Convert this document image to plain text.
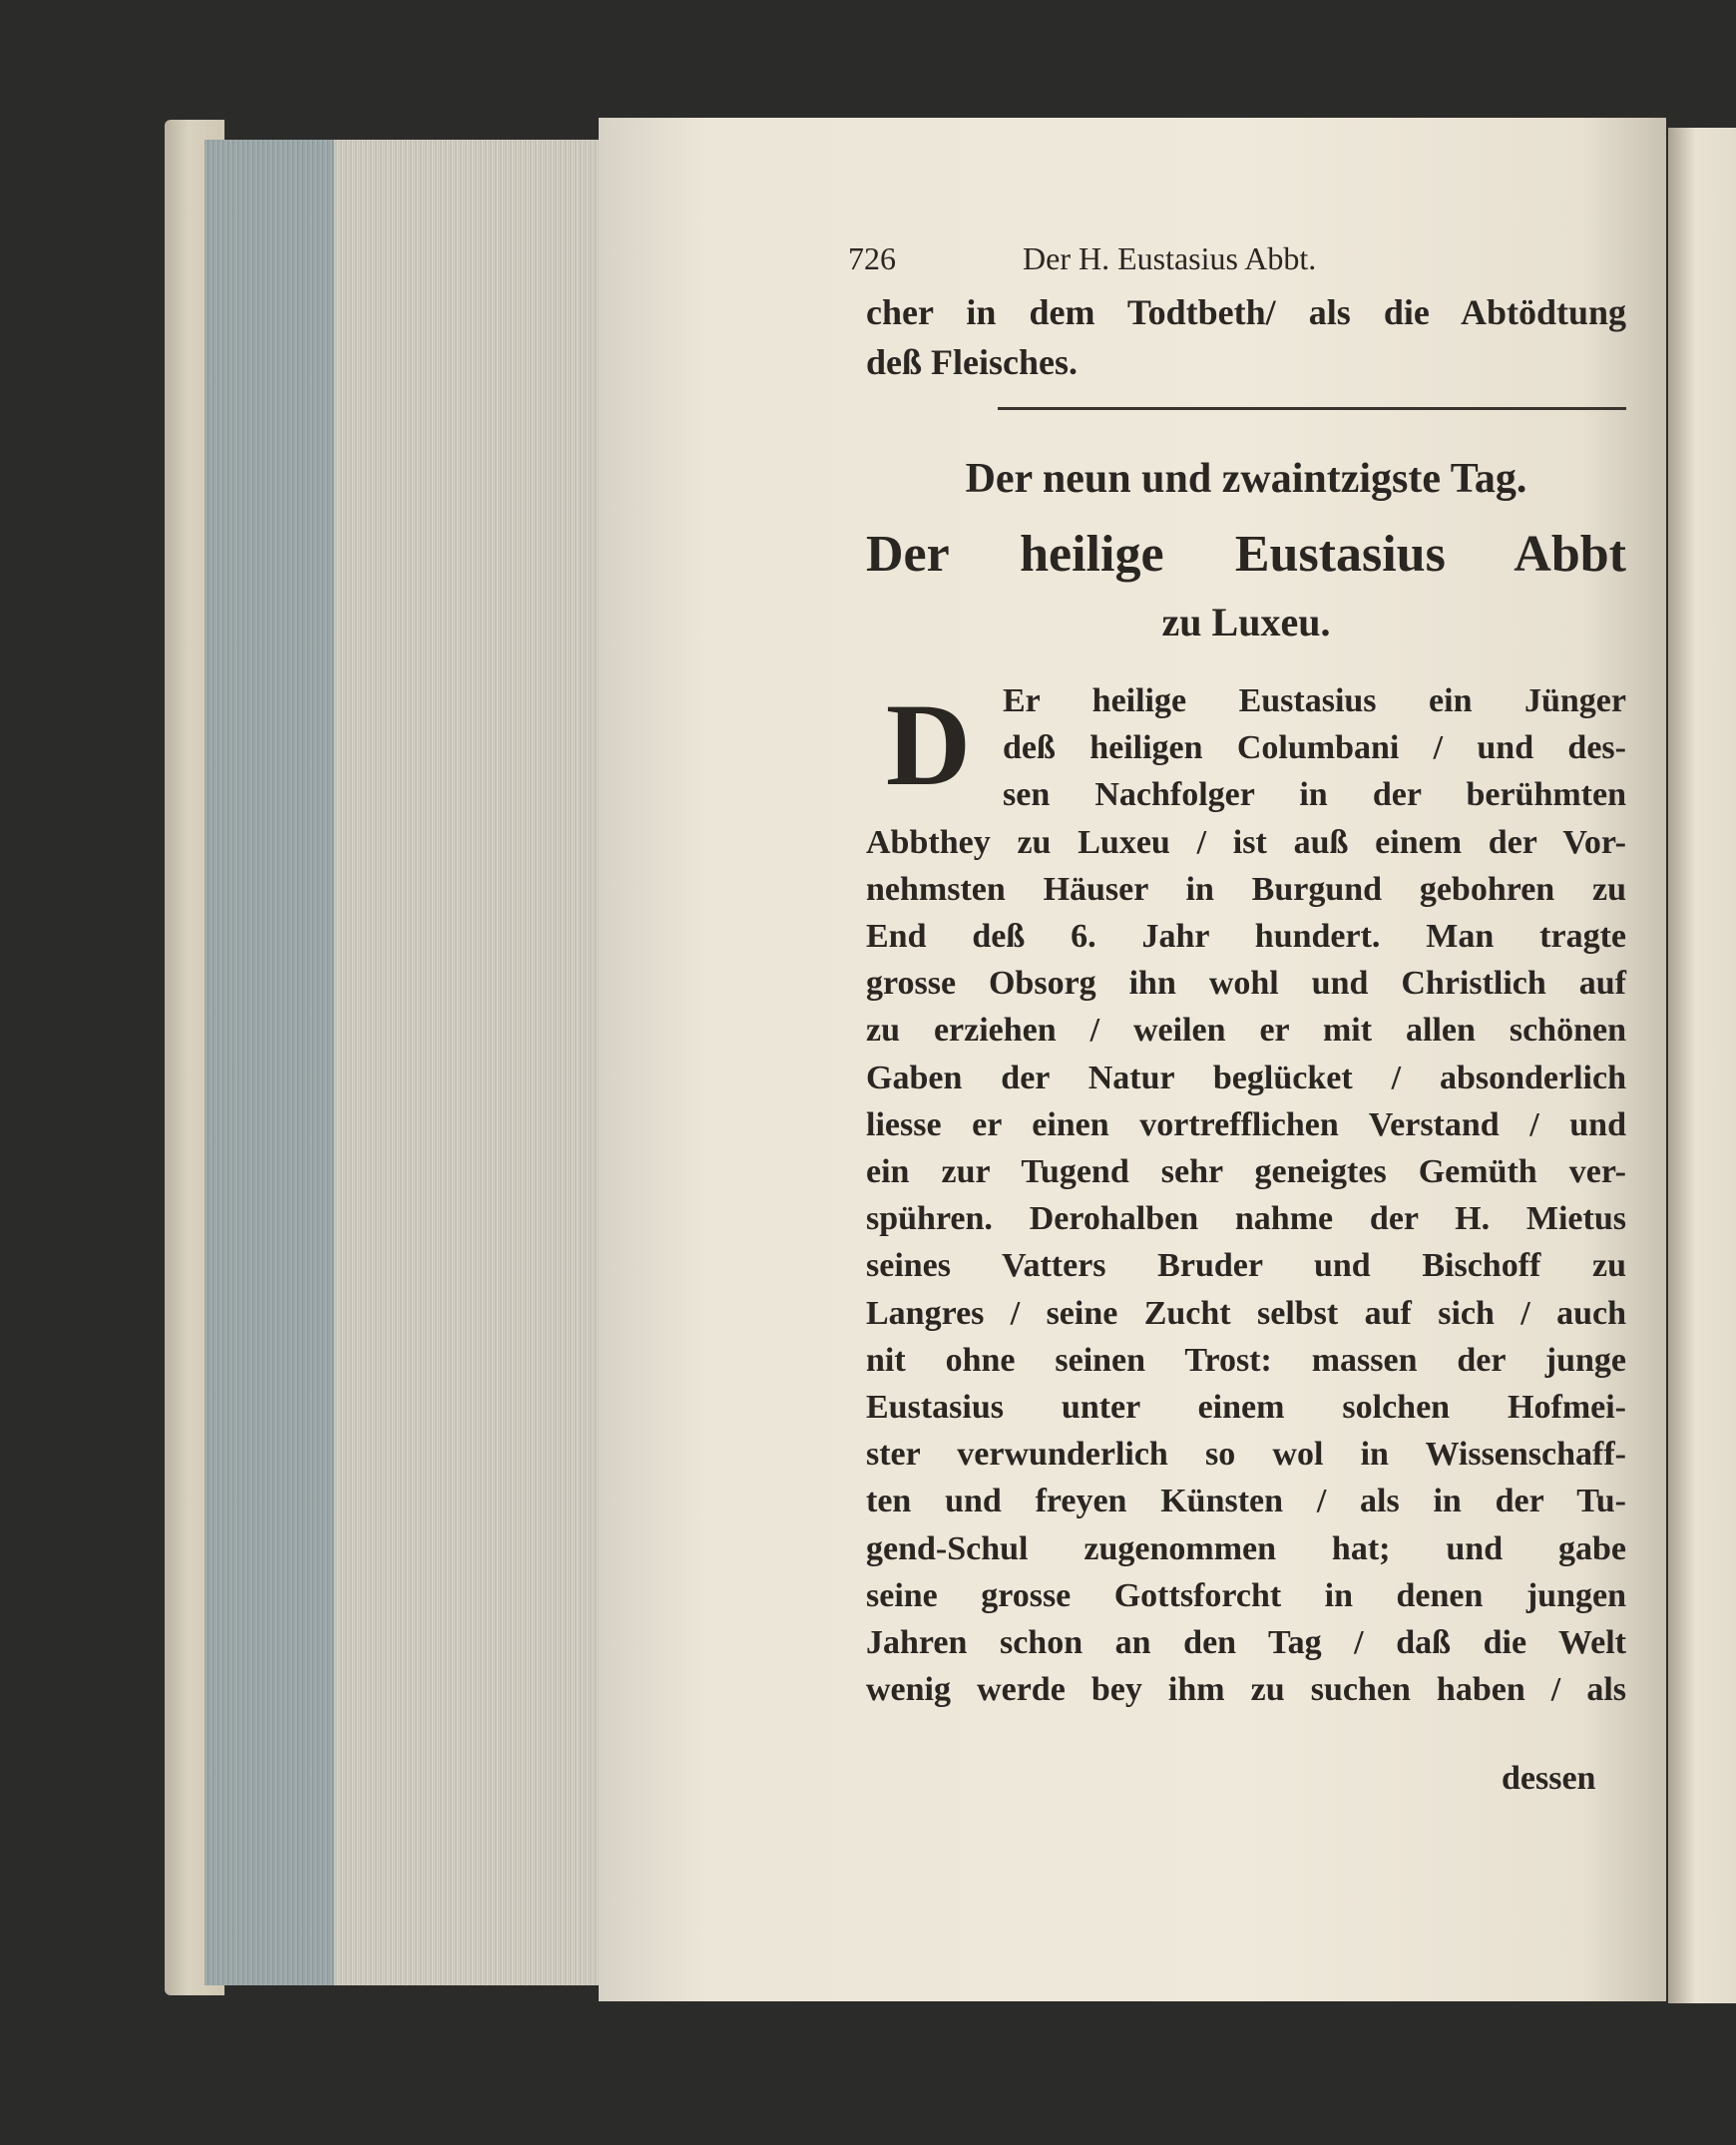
726	Der H. Eustasius Abbt.
cher in dem Todtbeth/ als die Abtödtung
deß Fleisches.
Der neun und zwaintzigste Tag.
Der heilige Eustasius Abbt
zu Luxeu.
D Er heilige Eustasius ein Jünger
deß heiligen Columbani / und des-
sen Nachfolger in der berühmten
Abbthey zu Luxeu / ist auß einem der Vor-
nehmsten Häuser in Burgund gebohren zu
End deß 6. Jahr hundert. Man tragte
grosse Obsorg ihn wohl und Christlich auf
zu erziehen / weilen er mit allen schönen
Gaben der Natur beglücket / absonderlich
liesse er einen vortrefflichen Verstand / und
ein zur Tugend sehr geneigtes Gemüth ver-
spühren. Derohalben nahme der H. Mietus
seines Vatters Bruder und Bischoff zu
Langres / seine Zucht selbst auf sich / auch
nit ohne seinen Trost: massen der junge
Eustasius unter einem solchen Hofmei-
ster verwunderlich so wol in Wissenschaff-
ten und freyen Künsten / als in der Tu-
gend-Schul zugenommen hat; und gabe
seine grosse Gottsforcht in denen jungen
Jahren schon an den Tag / daß die Welt
wenig werde bey ihm zu suchen haben / als
dessen
